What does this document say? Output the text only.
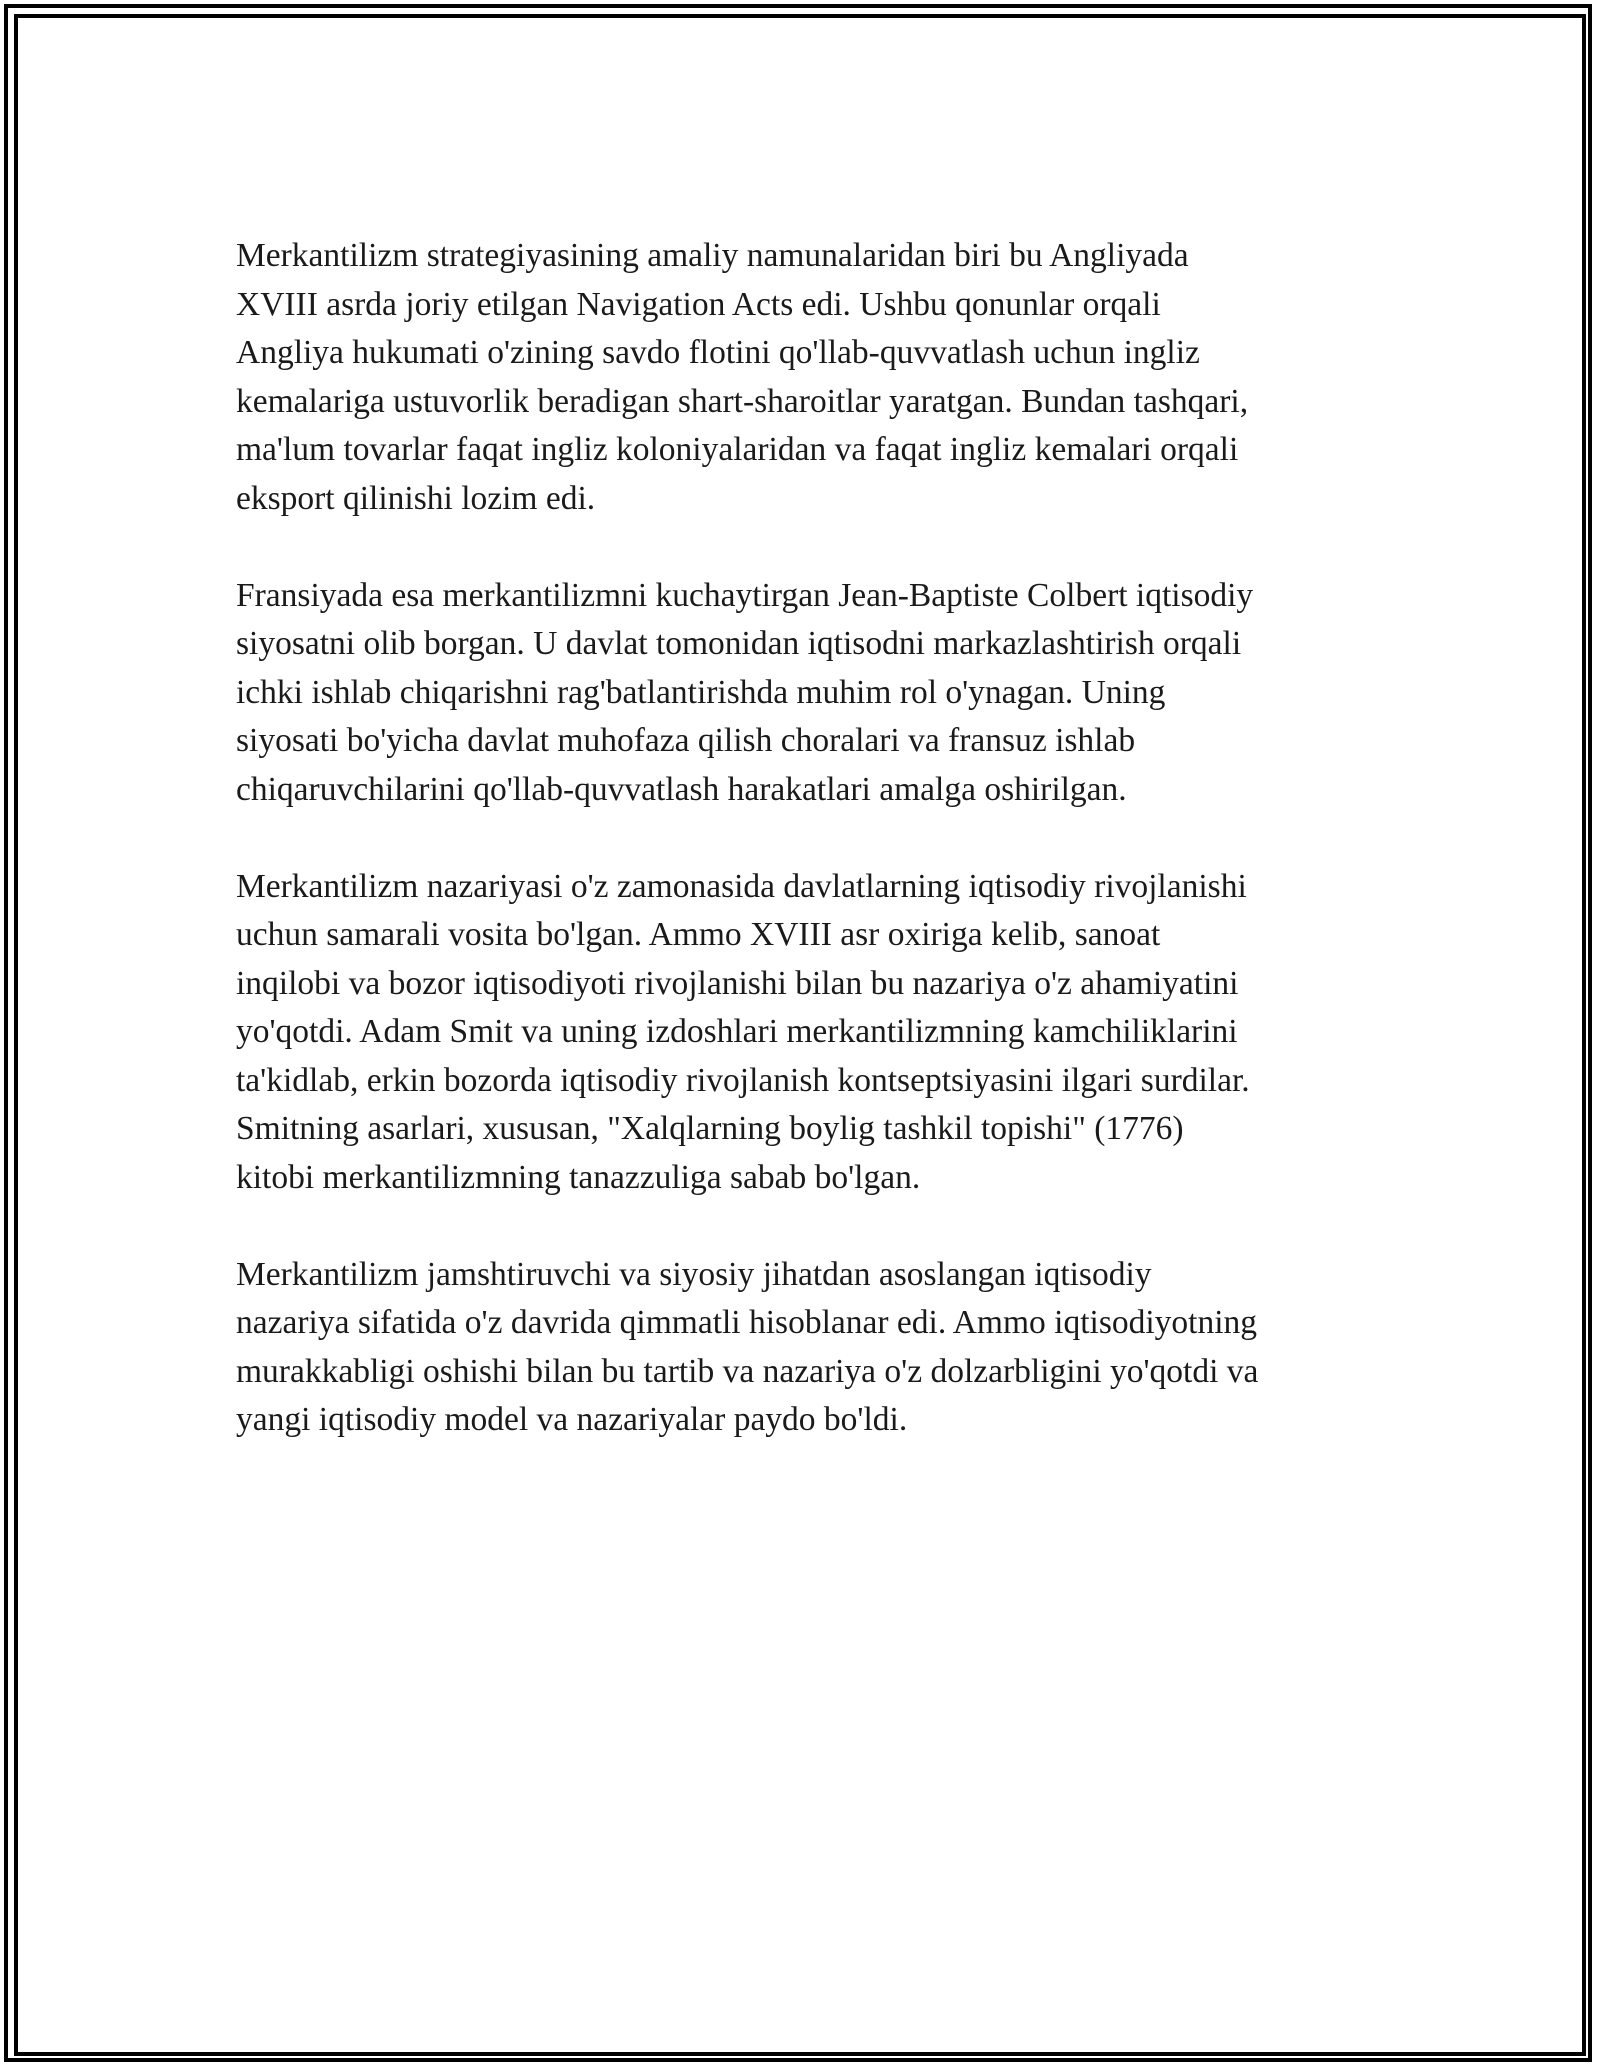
Merkantilizm strategiyasining amaliy namunalaridan biri bu Angliyada
XVIII asrda joriy etilgan Navigation Acts edi. Ushbu qonunlar orqali
Angliya hukumati o'zining savdo flotini qo'llab-quvvatlash uchun ingliz
kemalariga ustuvorlik beradigan shart-sharoitlar yaratgan. Bundan tashqari,
ma'lum tovarlar faqat ingliz koloniyalaridan va faqat ingliz kemalari orqali
eksport qilinishi lozim edi.

Fransiyada esa merkantilizmni kuchaytirgan Jean-Baptiste Colbert iqtisodiy
siyosatni olib borgan. U davlat tomonidan iqtisodni markazlashtirish orqali
ichki ishlab chiqarishni rag'batlantirishda muhim rol o'ynagan. Uning
siyosati bo'yicha davlat muhofaza qilish choralari va fransuz ishlab
chiqaruvchilarini qo'llab-quvvatlash harakatlari amalga oshirilgan.

Merkantilizm nazariyasi o'z zamonasida davlatlarning iqtisodiy rivojlanishi
uchun samarali vosita bo'lgan. Ammo XVIII asr oxiriga kelib, sanoat
inqilobi va bozor iqtisodiyoti rivojlanishi bilan bu nazariya o'z ahamiyatini
yo'qotdi. Adam Smit va uning izdoshlari merkantilizmning kamchiliklarini
ta'kidlab, erkin bozorda iqtisodiy rivojlanish kontseptsiyasini ilgari surdilar.
Smitning asarlari, xususan, "Xalqlarning boylig tashkil topishi" (1776)
kitobi merkantilizmning tanazzuliga sabab bo'lgan.

Merkantilizm jamshtiruvchi va siyosiy jihatdan asoslangan iqtisodiy
nazariya sifatida o'z davrida qimmatli hisoblanar edi. Ammo iqtisodiyotning
murakkabligi oshishi bilan bu tartib va nazariya o'z dolzarbligini yo'qotdi va
yangi iqtisodiy model va nazariyalar paydo bo'ldi.
